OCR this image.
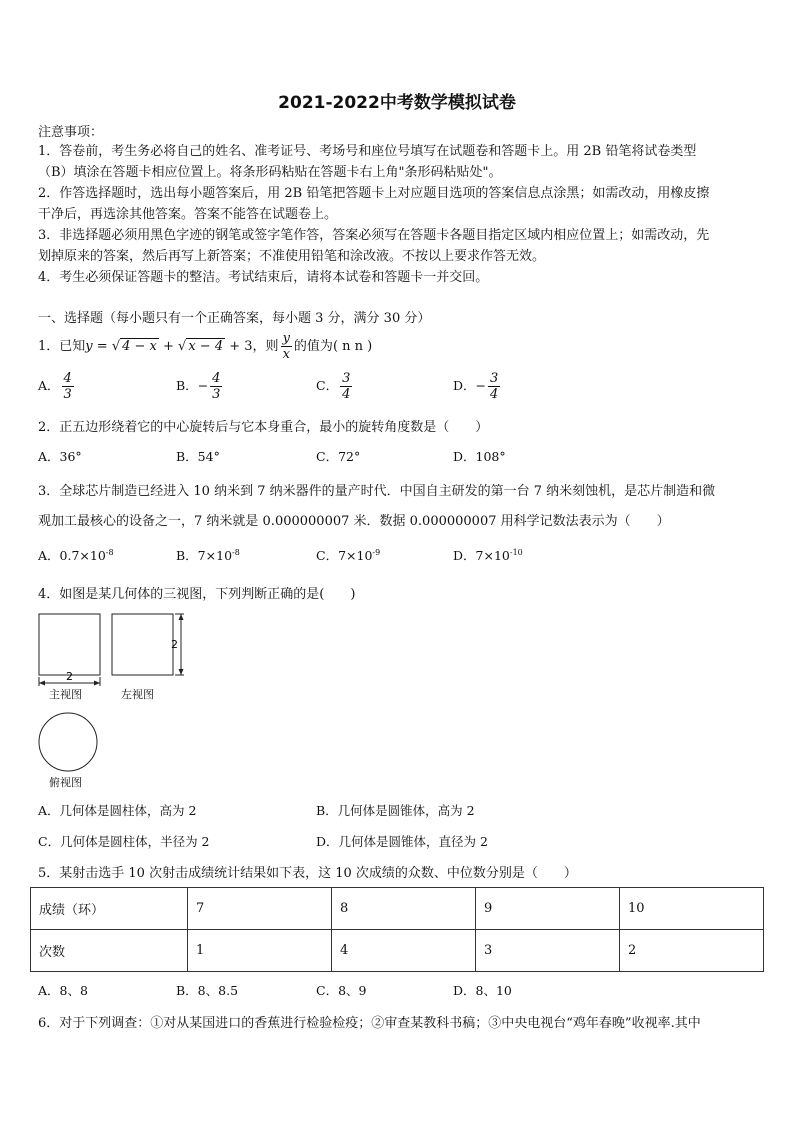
2021-2022中考数学模拟试卷
注意事项：
1．答卷前，考生务必将自己的姓名、准考证号、考场号和座位号填写在试题卷和答题卡上。用 2B 铅笔将试卷类型
（B）填涂在答题卡相应位置上。将条形码粘贴在答题卡右上角"条形码粘贴处"。
2．作答选择题时，选出每小题答案后，用 2B 铅笔把答题卡上对应题目选项的答案信息点涂黑；如需改动，用橡皮擦
干净后，再选涂其他答案。答案不能答在试题卷上。
3．非选择题必须用黑色字迹的钢笔或签字笔作答，答案必须写在答题卡各题目指定区域内相应位置上；如需改动，先
划掉原来的答案，然后再写上新答案；不准使用铅笔和涂改液。不按以上要求作答无效。
4．考生必须保证答题卡的整洁。考试结束后，请将本试卷和答题卡一并交回。
一、选择题（每小题只有一个正确答案，每小题 3 分，满分 30 分）
1．已知y = √ 4 − x + √ x − 4 + 3，则 $\frac{y}{x}$ 的值为( n n )
A． $\frac{4}{3}$	B．− $\frac{4}{3}$	C． $\frac{3}{4}$	D．− $\frac{3}{4}$
2．正五边形绕着它的中心旋转后与它本身重合，最小的旋转角度数是（　　）
A．36°	B．54°	C．72°	D．108°
3．全球芯片制造已经进入 10 纳米到 7 纳米器件的量产时代．中国自主研发的第一台 7 纳米刻蚀机，是芯片制造和微
观加工最核心的设备之一，7 纳米就是 0.000000007 米．数据 0.000000007 用科学记数法表示为（　　）
A．$0.7\times 10^{-8}$	B．$7\times 10^{-8}$	C．$7\times 10^{-9}$	D．$7\times 10^{-10}$
4．如图是某几何体的三视图，下列判断正确的是(　　)
2
2
主视图	左视图
俯视图
A．几何体是圆柱体，高为 2	B．几何体是圆锥体，高为 2
C．几何体是圆柱体，半径为 2	D．几何体是圆锥体，直径为 2
5．某射击选手 10 次射击成绩统计结果如下表，这 10 次成绩的众数、中位数分别是（　　）
成绩（环）	7	8	9	10
次数	1	4	3	2
A．8、8	B．8、8.5	C．8、9	D．8、10
6．对于下列调查：①对从某国进口的香蕉进行检验检疫；②审查某教科书稿；③中央电视台“鸡年春晚”收视率.其中
